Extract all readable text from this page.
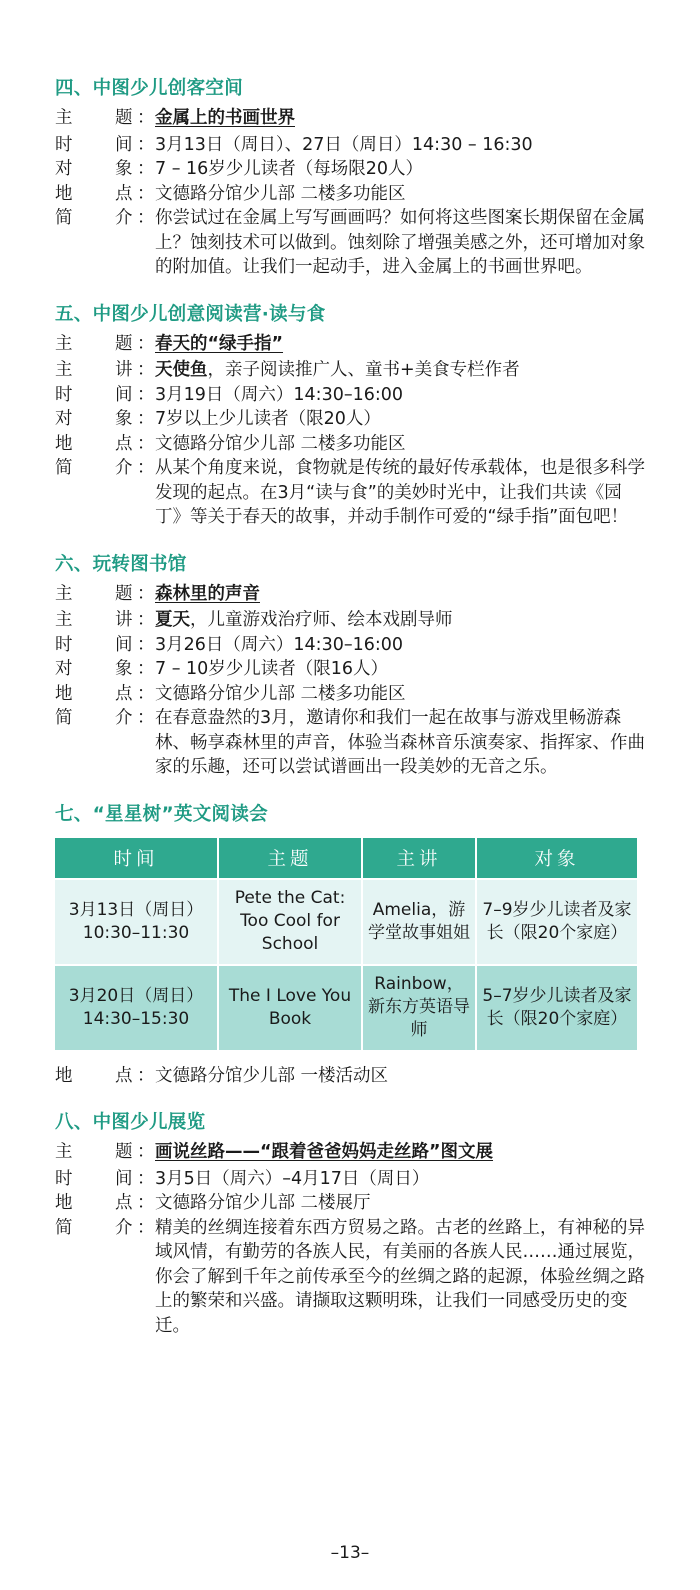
四、中图少儿创客空间
主	题 ： 金属上的书画世界
时	间 ： 3月13日（周日）、27日（周日）14:30 – 16:30
对	象 ： 7 – 16岁少儿读者（每场限20人）
地	点 ： 文德路分馆少儿部 二楼多功能区
简	介 ： 你尝试过在金属上写写画画吗？如何将这些图案长期保留在金属上？蚀刻技术可以做到。蚀刻除了增强美感之外，还可增加对象的附加值。让我们一起动手，进入金属上的书画世界吧。
五、中图少儿创意阅读营·读与食
主	题 ： 春天的“绿手指”
主	讲 ： 天使鱼，亲子阅读推广人、童书+美食专栏作者
时	间 ： 3月19日（周六）14:30–16:00
对	象 ： 7岁以上少儿读者（限20人）
地	点 ： 文德路分馆少儿部 二楼多功能区
简	介 ： 从某个角度来说，食物就是传统的最好传承载体，也是很多科学发现的起点。在3月“读与食”的美妙时光中，让我们共读《园丁》等关于春天的故事，并动手制作可爱的“绿手指”面包吧！
六、玩转图书馆
主	题 ： 森林里的声音
主	讲 ： 夏天，儿童游戏治疗师、绘本戏剧导师
时	间 ： 3月26日（周六）14:30–16:00
对	象 ： 7 – 10岁少儿读者（限16人）
地	点 ： 文德路分馆少儿部 二楼多功能区
简	介 ： 在春意盎然的3月，邀请你和我们一起在故事与游戏里畅游森林、畅享森林里的声音，体验当森林音乐演奏家、指挥家、作曲家的乐趣，还可以尝试谱画出一段美妙的无音之乐。
七、“星星树”英文阅读会
时间	主题	主讲	对象

3月13日（周日）
10:30–11:30	Pete the Cat: Too Cool for School	Amelia，游学堂故事姐姐	7–9岁少儿读者及家长（限20个家庭）

3月20日（周日）
14:30–15:30	The I Love You Book	Rainbow，新东方英语导师	5–7岁少儿读者及家长（限20个家庭）
地	点 ： 文德路分馆少儿部 一楼活动区
八、中图少儿展览
主	题 ： 画说丝路——“跟着爸爸妈妈走丝路”图文展
时	间 ： 3月5日（周六）–4月17日（周日）
地	点 ： 文德路分馆少儿部 二楼展厅
简	介 ： 精美的丝绸连接着东西方贸易之路。古老的丝路上，有神秘的异域风情，有勤劳的各族人民，有美丽的各族人民……通过展览，你会了解到千年之前传承至今的丝绸之路的起源，体验丝绸之路上的繁荣和兴盛。请撷取这颗明珠，让我们一同感受历史的变迁。
–13–
